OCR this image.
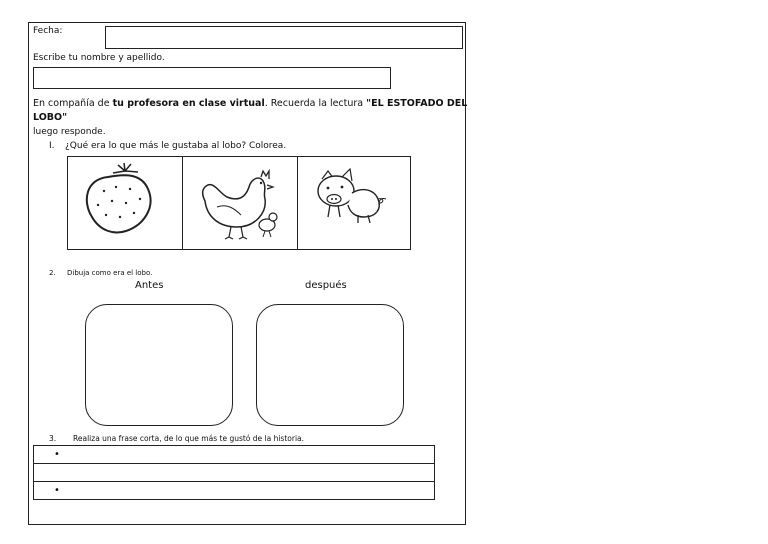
Fecha:
Escribe tu nombre y apellido.
En compañía de tu profesora en clase virtual. Recuerda la lectura "EL ESTOFADO DEL
LOBO"
luego responde.
I. ¿Qué era lo que más le gustaba al lobo? Colorea.
2. Dibuja como era el lobo.
Antes	después
3. Realiza una frase corta, de lo que más te gustó de la historia.
•
•
